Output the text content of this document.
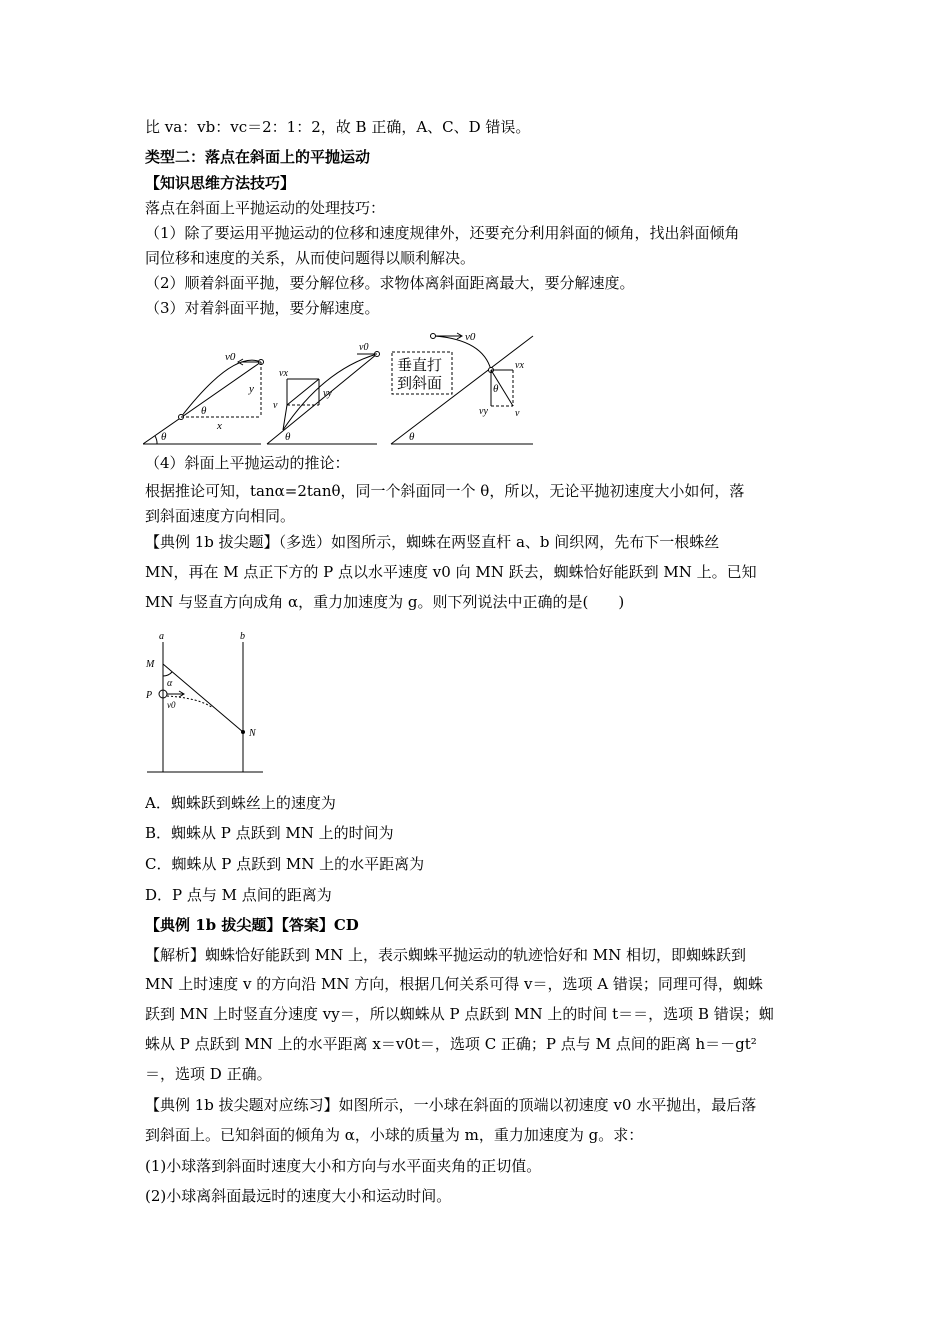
比 va：vb：vc＝2：1：2，故 B 正确，A、C、D 错误。
类型二：落点在斜面上的平抛运动
【知识思维方法技巧】
落点在斜面上平抛运动的处理技巧：
（1）除了要运用平抛运动的位移和速度规律外，还要充分利用斜面的倾角，找出斜面倾角
同位移和速度的关系，从而使问题得以顺利解决。
（2）顺着斜面平抛，要分解位移。求物体离斜面距离最大，要分解速度。
（3）对着斜面平抛，要分解速度。
v0
y
x
θ
θ
vx
vy
v
v0
θ
v0
垂直打
到斜面
vx
vy	v
θ
θ
（4）斜面上平抛运动的推论：
根据推论可知，tanα=2tanθ，同一个斜面同一个 θ，所以，无论平抛初速度大小如何，落
到斜面速度方向相同。
【典例 1b 拔尖题】（多选）如图所示，蜘蛛在两竖直杆 a、b 间织网，先布下一根蛛丝
MN，再在 M 点正下方的 P 点以水平速度 v0 向 MN 跃去，蜘蛛恰好能跃到 MN 上。已知
MN 与竖直方向成角 α，重力加速度为 g。则下列说法中正确的是(　　)
a	b
M
P
α
v0
N
A．蜘蛛跃到蛛丝上的速度为
B．蜘蛛从 P 点跃到 MN 上的时间为
C．蜘蛛从 P 点跃到 MN 上的水平距离为
D．P 点与 M 点间的距离为
【典例 1b 拔尖题】【答案】CD
【解析】蜘蛛恰好能跃到 MN 上，表示蜘蛛平抛运动的轨迹恰好和 MN 相切，即蜘蛛跃到
MN 上时速度 v 的方向沿 MN 方向，根据几何关系可得 v＝，选项 A 错误；同理可得，蜘蛛
跃到 MN 上时竖直分速度 vy＝，所以蜘蛛从 P 点跃到 MN 上的时间 t＝＝，选项 B 错误；蜘
蛛从 P 点跃到 MN 上的水平距离 x＝v0t＝，选项 C 正确；P 点与 M 点间的距离 h＝－gt²
＝，选项 D 正确。
【典例 1b 拔尖题对应练习】如图所示，一小球在斜面的顶端以初速度 v0 水平抛出，最后落
到斜面上。已知斜面的倾角为 α，小球的质量为 m，重力加速度为 g。求：
(1)小球落到斜面时速度大小和方向与水平面夹角的正切值。
(2)小球离斜面最远时的速度大小和运动时间。
